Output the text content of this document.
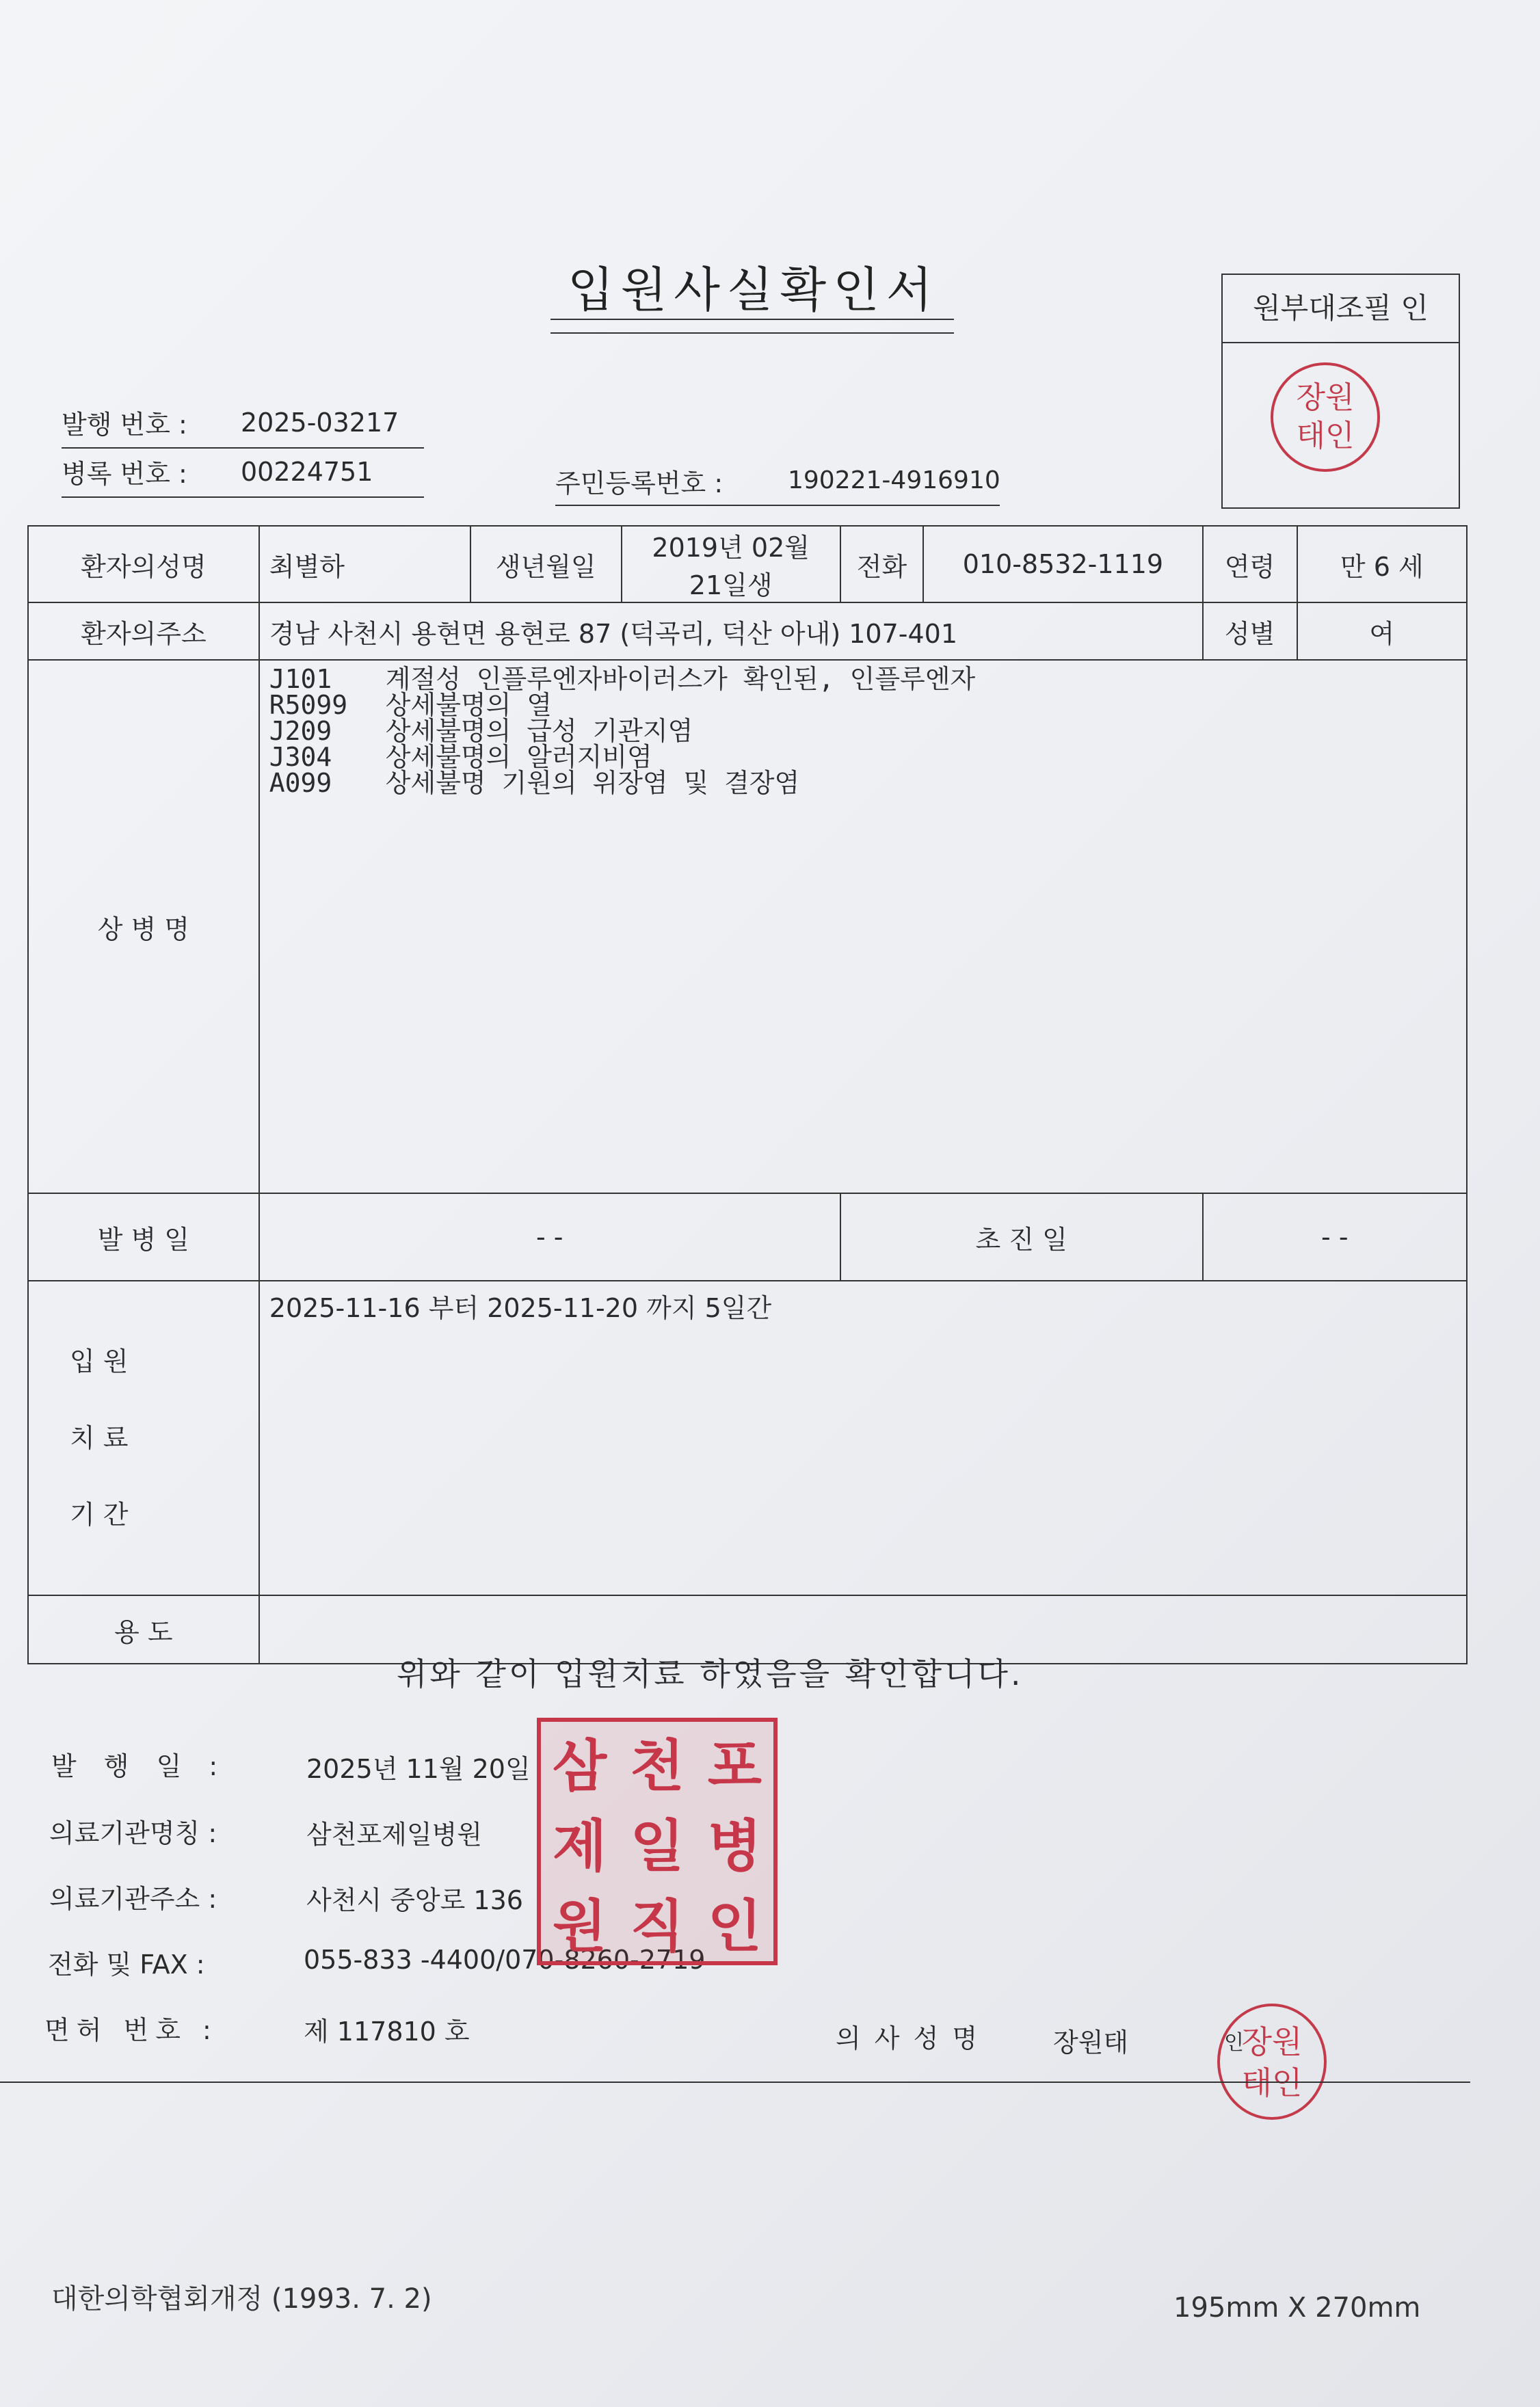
입원사실확인서	원부대조필 인
장원
태인
발행 번호 : 2025-03217
병록 번호 : 00224751	주민등록번호 :	190221-4916910
환자의성명	최별하	생년월일	2019년 02월 21일생	전화	010-8532-1119	연령	만 6 세
환자의주소	경남 사천시 용현면 용현로 87 (덕곡리, 덕산 아내) 107-401					성별	여
상 병 명	J101 계절성 인플루엔자바이러스가 확인된, 인플루엔자
R5099 상세불명의 열
J209 상세불명의 급성 기관지염
J304 상세불명의 알러지비염
A099 상세불명 기원의 위장염 및 결장염						

발 병 일	- -			초 진 일		- -	

입 원
치 료
기 간	2025-11-16 부터 2025-11-20 까지 5일간						
용 도							
위와 같이 입원치료 하였음을 확인합니다.
발 행 일 :	2025년 11월 20일
의료기관명칭 :	삼천포제일병원
의료기관주소 :	사천시 중앙로 136
전화 및 FAX :	055-833 -4400/070-8260-2719
면허 번호 :	제 117810 호	의 사 성 명	장원태	인
삼 천 포
제 일 병
원 직 인
장원
태인
대한의학협회개정 (1993. 7. 2)	195mm X 270mm
